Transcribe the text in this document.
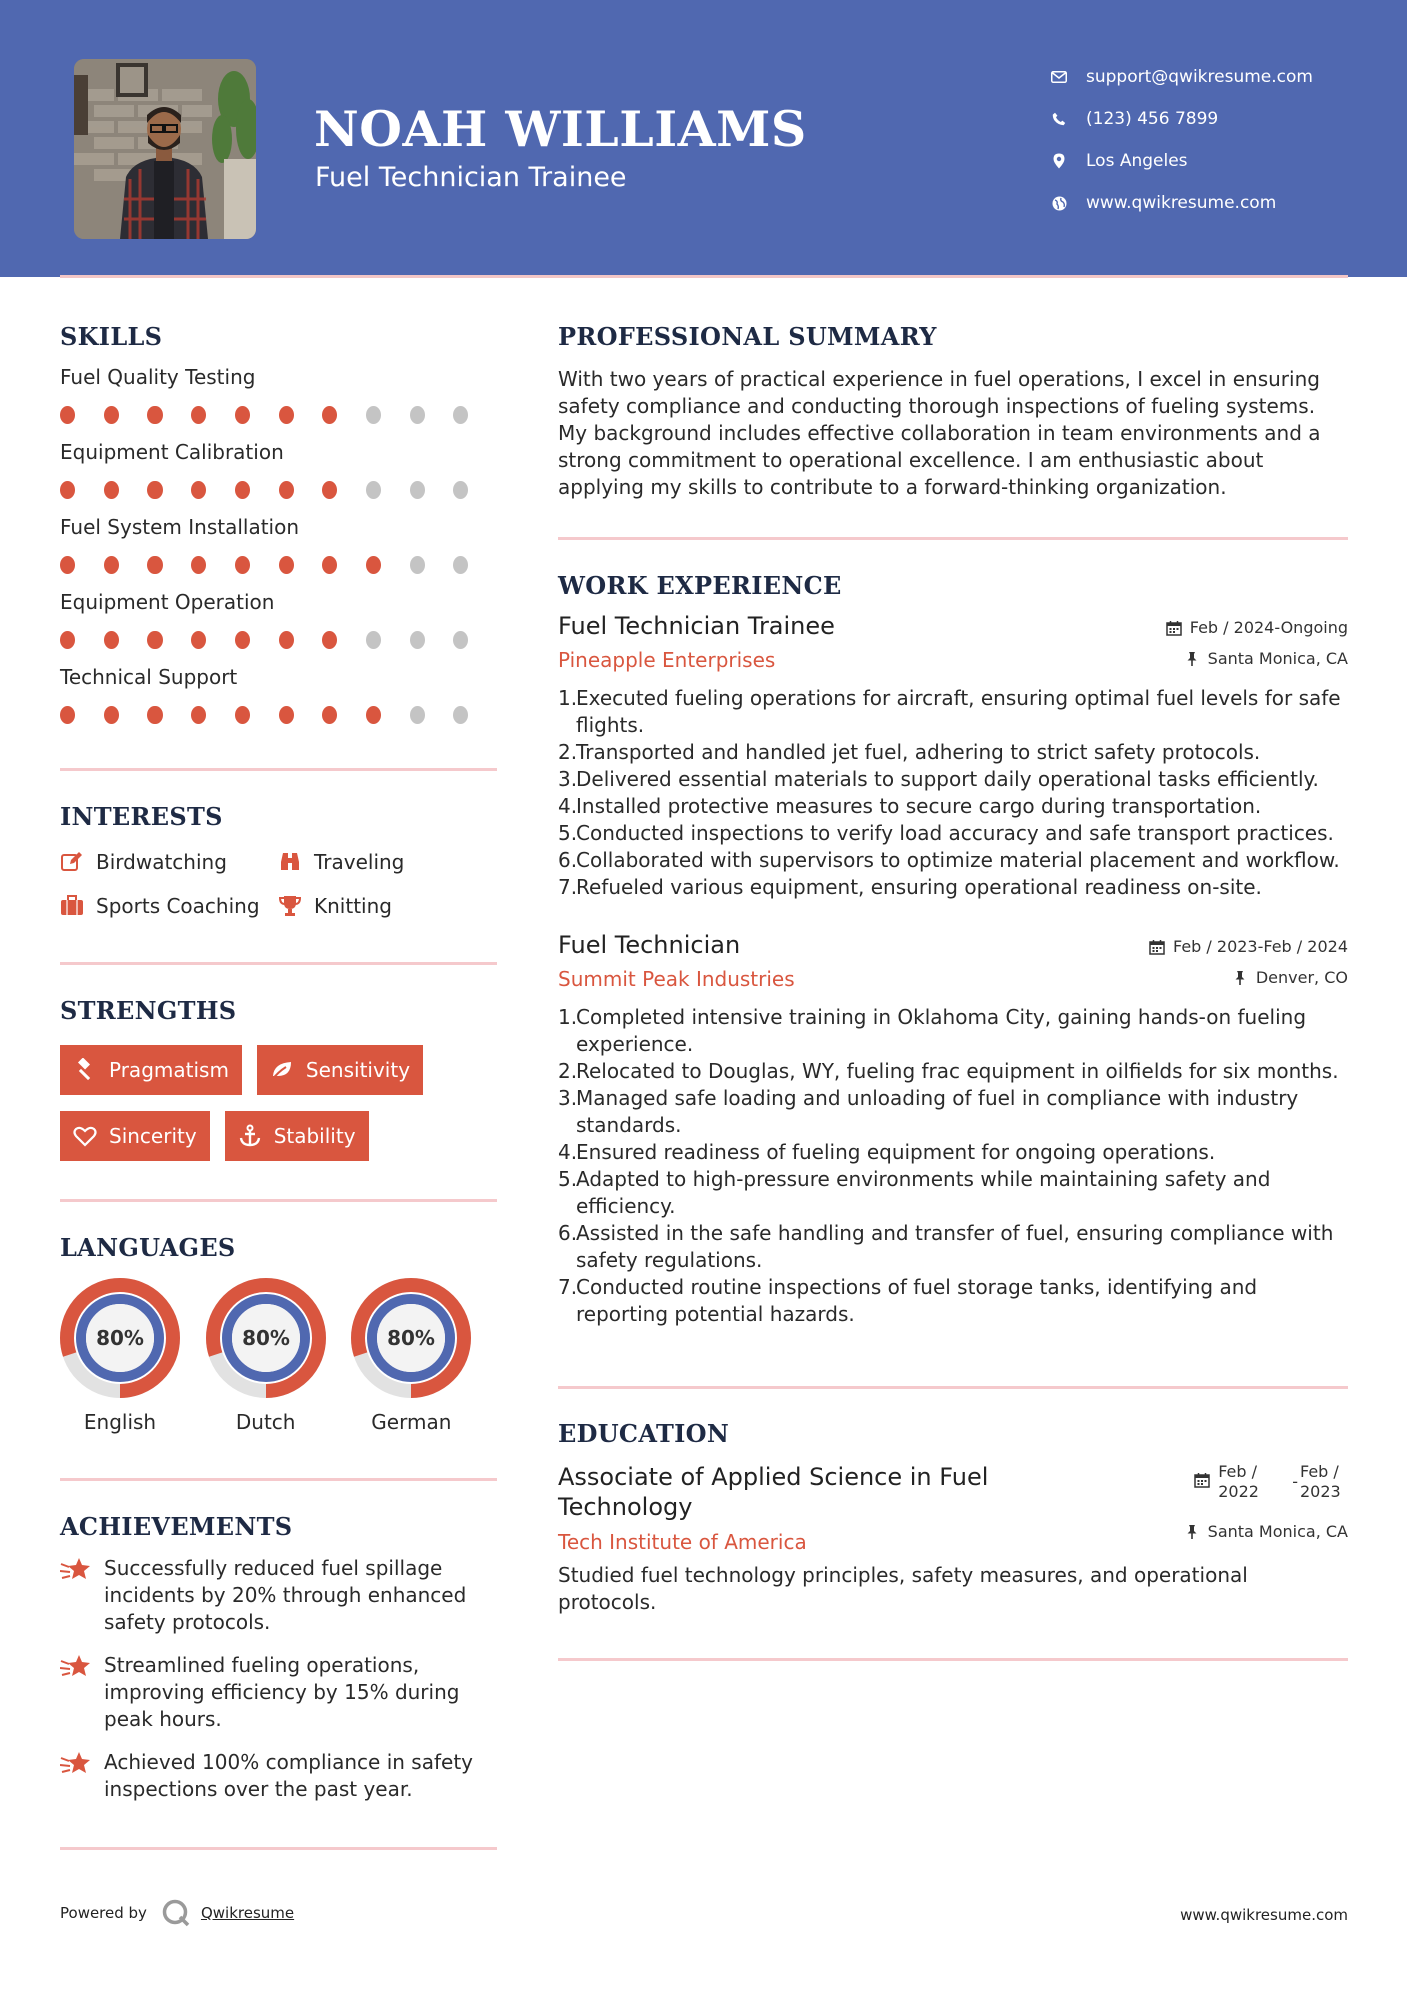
NOAH WILLIAMS
Fuel Technician Trainee
support@qwikresume.com
(123) 456 7899
Los Angeles
www.qwikresume.com
SKILLS
Fuel Quality Testing
Equipment Calibration
Fuel System Installation
Equipment Operation
Technical Support
INTERESTS
Birdwatching	Traveling
Sports Coaching	Knitting
STRENGTHS
Pragmatism	Sensitivity
Sincerity	Stability
LANGUAGES
80%
English
80%
Dutch
80%
German
ACHIEVEMENTS
Successfully reduced fuel spillage incidents by 20% through enhanced safety protocols.
Streamlined fueling operations, improving efficiency by 15% during peak hours.
Achieved 100% compliance in safety inspections over the past year.
PROFESSIONAL SUMMARY
With two years of practical experience in fuel operations, I excel in ensuring safety compliance and conducting thorough inspections of fueling systems. My background includes effective collaboration in team environments and a strong commitment to operational excellence. I am enthusiastic about applying my skills to contribute to a forward-thinking organization.
WORK EXPERIENCE
Fuel Technician Trainee
Pineapple Enterprises
Feb / 2024-Ongoing
Santa Monica, CA
1.
Executed fueling operations for aircraft, ensuring optimal fuel levels for safe flights.
2.
Transported and handled jet fuel, adhering to strict safety protocols.
3.
Delivered essential materials to support daily operational tasks efficiently.
4.
Installed protective measures to secure cargo during transportation.
5.
Conducted inspections to verify load accuracy and safe transport practices.
6.
Collaborated with supervisors to optimize material placement and workflow.
7.
Refueled various equipment, ensuring operational readiness on-site.
Fuel Technician
Summit Peak Industries
Feb / 2023-Feb / 2024
Denver, CO
1.
Completed intensive training in Oklahoma City, gaining hands-on fueling experience.
2.
Relocated to Douglas, WY, fueling frac equipment in oilfields for six months.
3.
Managed safe loading and unloading of fuel in compliance with industry standards.
4.
Ensured readiness of fueling equipment for ongoing operations.
5.
Adapted to high-pressure environments while maintaining safety and efficiency.
6.
Assisted in the safe handling and transfer of fuel, ensuring compliance with safety regulations.
7.
Conducted routine inspections of fuel storage tanks, identifying and reporting potential hazards.
EDUCATION
Associate of Applied Science in Fuel Technology
Tech Institute of America
Feb /
2022
-
Feb /
2023
Santa Monica, CA
Studied fuel technology principles, safety measures, and operational protocols.
Powered by	Qwikresume	www.qwikresume.com
